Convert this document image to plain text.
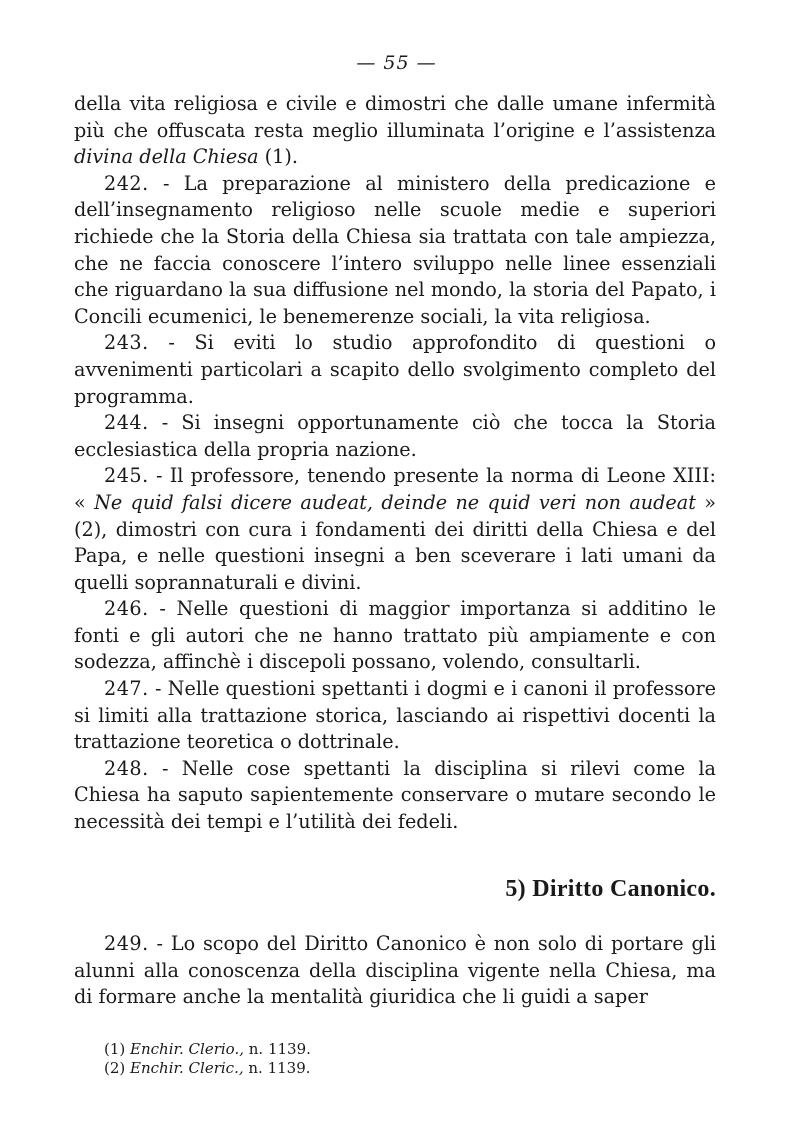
— 55 —

della vita religiosa e civile e dimostri che dalle umane infermità più che offuscata resta meglio illuminata l’origine e l’assistenza divina della Chiesa (1).

242. - La preparazione al ministero della predicazione e dell’insegnamento religioso nelle scuole medie e superiori richiede che la Storia della Chiesa sia trattata con tale ampiezza, che ne faccia conoscere l’intero sviluppo nelle linee essenziali che riguardano la sua diffusione nel mondo, la storia del Papato, i Concili ecumenici, le benemerenze sociali, la vita religiosa.

243. - Si eviti lo studio approfondito di questioni o avvenimenti particolari a scapito dello svolgimento completo del programma.

244. - Si insegni opportunamente ciò che tocca la Storia ecclesiastica della propria nazione.

245. - Il professore, tenendo presente la norma di Leone XIII: « Ne quid falsi dicere audeat, deinde ne quid veri non audeat » (2), dimostri con cura i fondamenti dei diritti della Chiesa e del Papa, e nelle questioni insegni a ben sceverare i lati umani da quelli soprannaturali e divini.

246. - Nelle questioni di maggior importanza si additino le fonti e gli autori che ne hanno trattato più ampiamente e con sodezza, affinchè i discepoli possano, volendo, consultarli.

247. - Nelle questioni spettanti i dogmi e i canoni il professore si limiti alla trattazione storica, lasciando ai rispettivi docenti la trattazione teoretica o dottrinale.

248. - Nelle cose spettanti la disciplina si rilevi come la Chiesa ha saputo sapientemente conservare o mutare secondo le necessità dei tempi e l’utilità dei fedeli.

5) Diritto Canonico.

249. - Lo scopo del Diritto Canonico è non solo di portare gli alunni alla conoscenza della disciplina vigente nella Chiesa, ma di formare anche la mentalità giuridica che li guidi a saper

(1) Enchir. Clerio., n. 1139.
(2) Enchir. Cleric., n. 1139.
